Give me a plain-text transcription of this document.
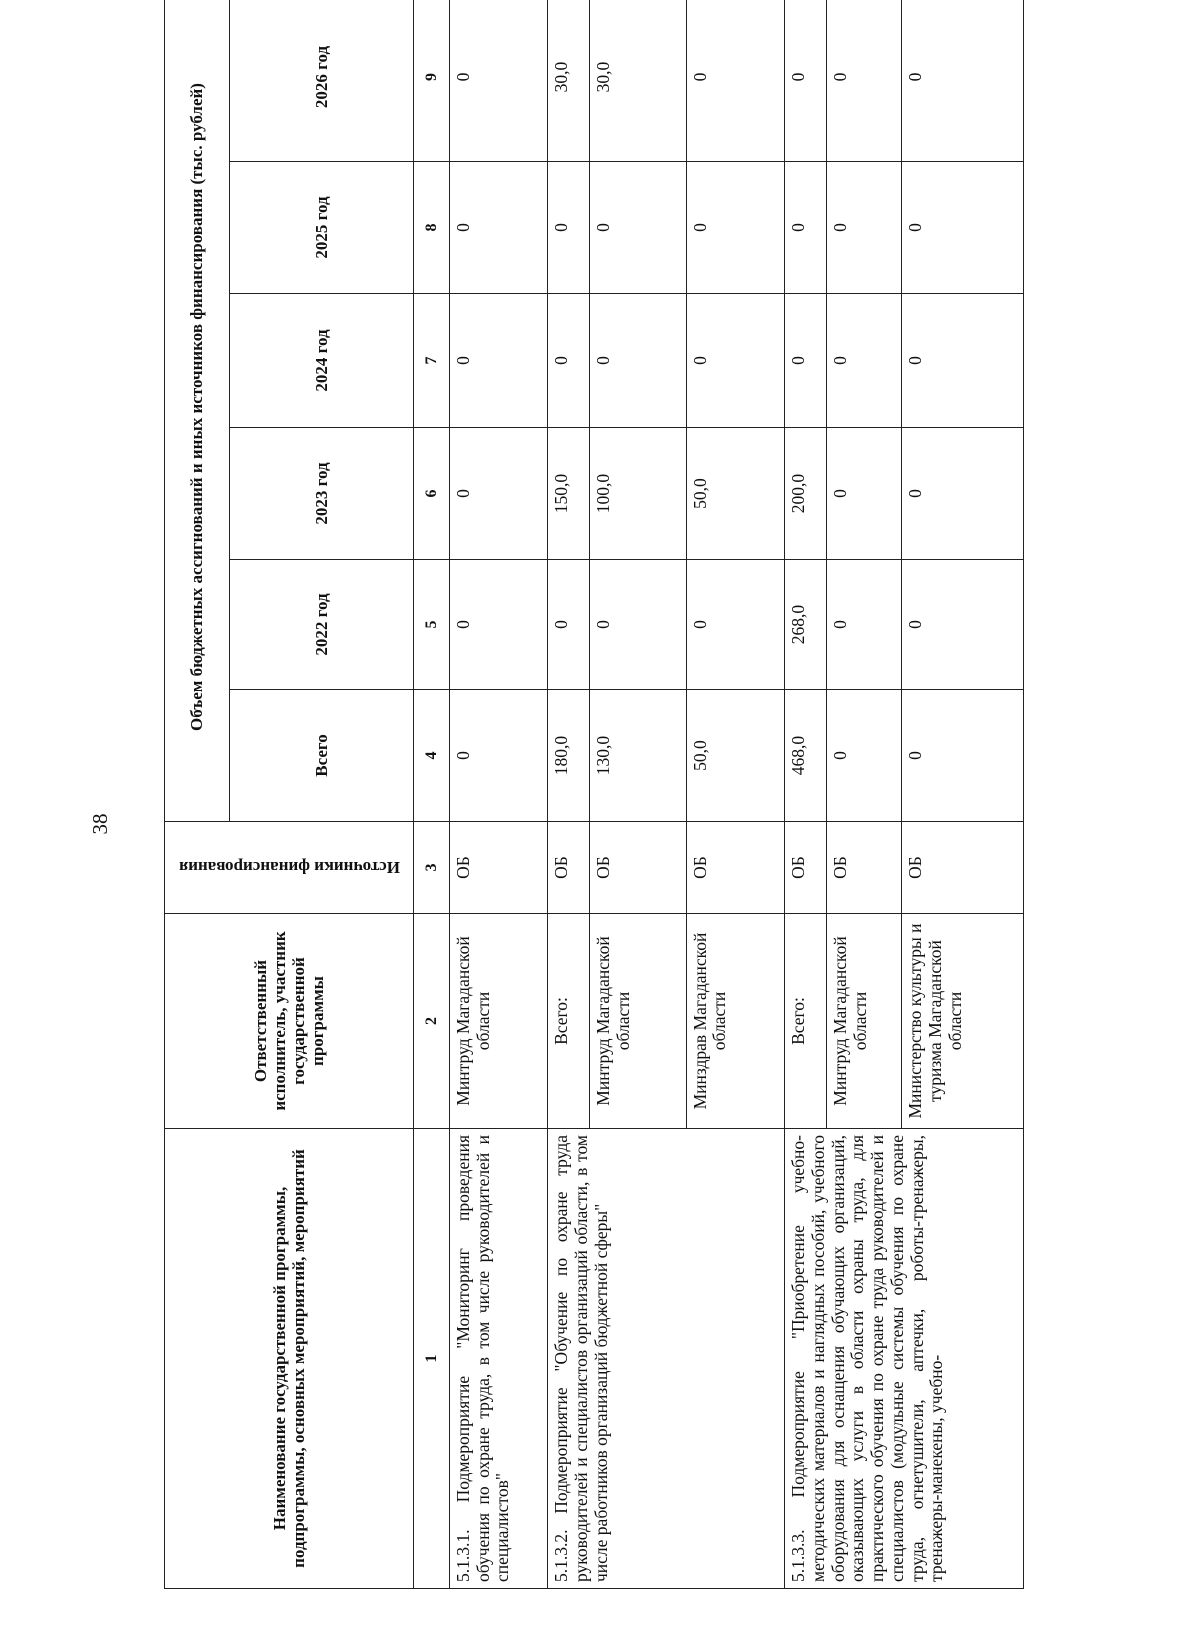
38
Наименование государственной программы, подпрограммы, основных мероприятий, мероприятий	Ответственный исполнитель, участник государственной программы	Источники финансирования	Объем бюджетных ассигнований и иных источников финансирования (тыс. рублей)					
			Всего	2022 год	2023 год	2024 год	2025 год	2026 год
1	2	3	4	5	6	7	8	9
5.1.3.1. Подмероприятие "Мониторинг проведения обучения по охране труда, в том числе руководителей и специалистов"	Минтруд Магаданской области	ОБ	0	0	0	0	0	0
5.1.3.2. Подмероприятие "Обучение по охране труда руководителей и специалистов организаций области, в том числе работников организаций бюджетной сферы"	Всего:	ОБ	180,0	0	150,0	0	0	30,0
	Минтруд Магаданской области	ОБ	130,0	0	100,0	0	0	30,0
	Минздрав Магаданской области	ОБ	50,0	0	50,0	0	0	0
5.1.3.3. Подмероприятие "Приобретение учебно-методических материалов и наглядных пособий, учебного оборудования для оснащения обучающих организаций, оказывающих услуги в области охраны труда, для практического обучения по охране труда руководителей и специалистов (модульные системы обучения по охране труда, огнетушители, аптечки, роботы-тренажеры, тренажеры-манекены, учебно-	Всего:	ОБ	468,0	268,0	200,0	0	0	0
	Минтруд Магаданской области	ОБ	0	0	0	0	0	0
	Министерство культуры и туризма Магаданской области	ОБ	0	0	0	0	0	0
